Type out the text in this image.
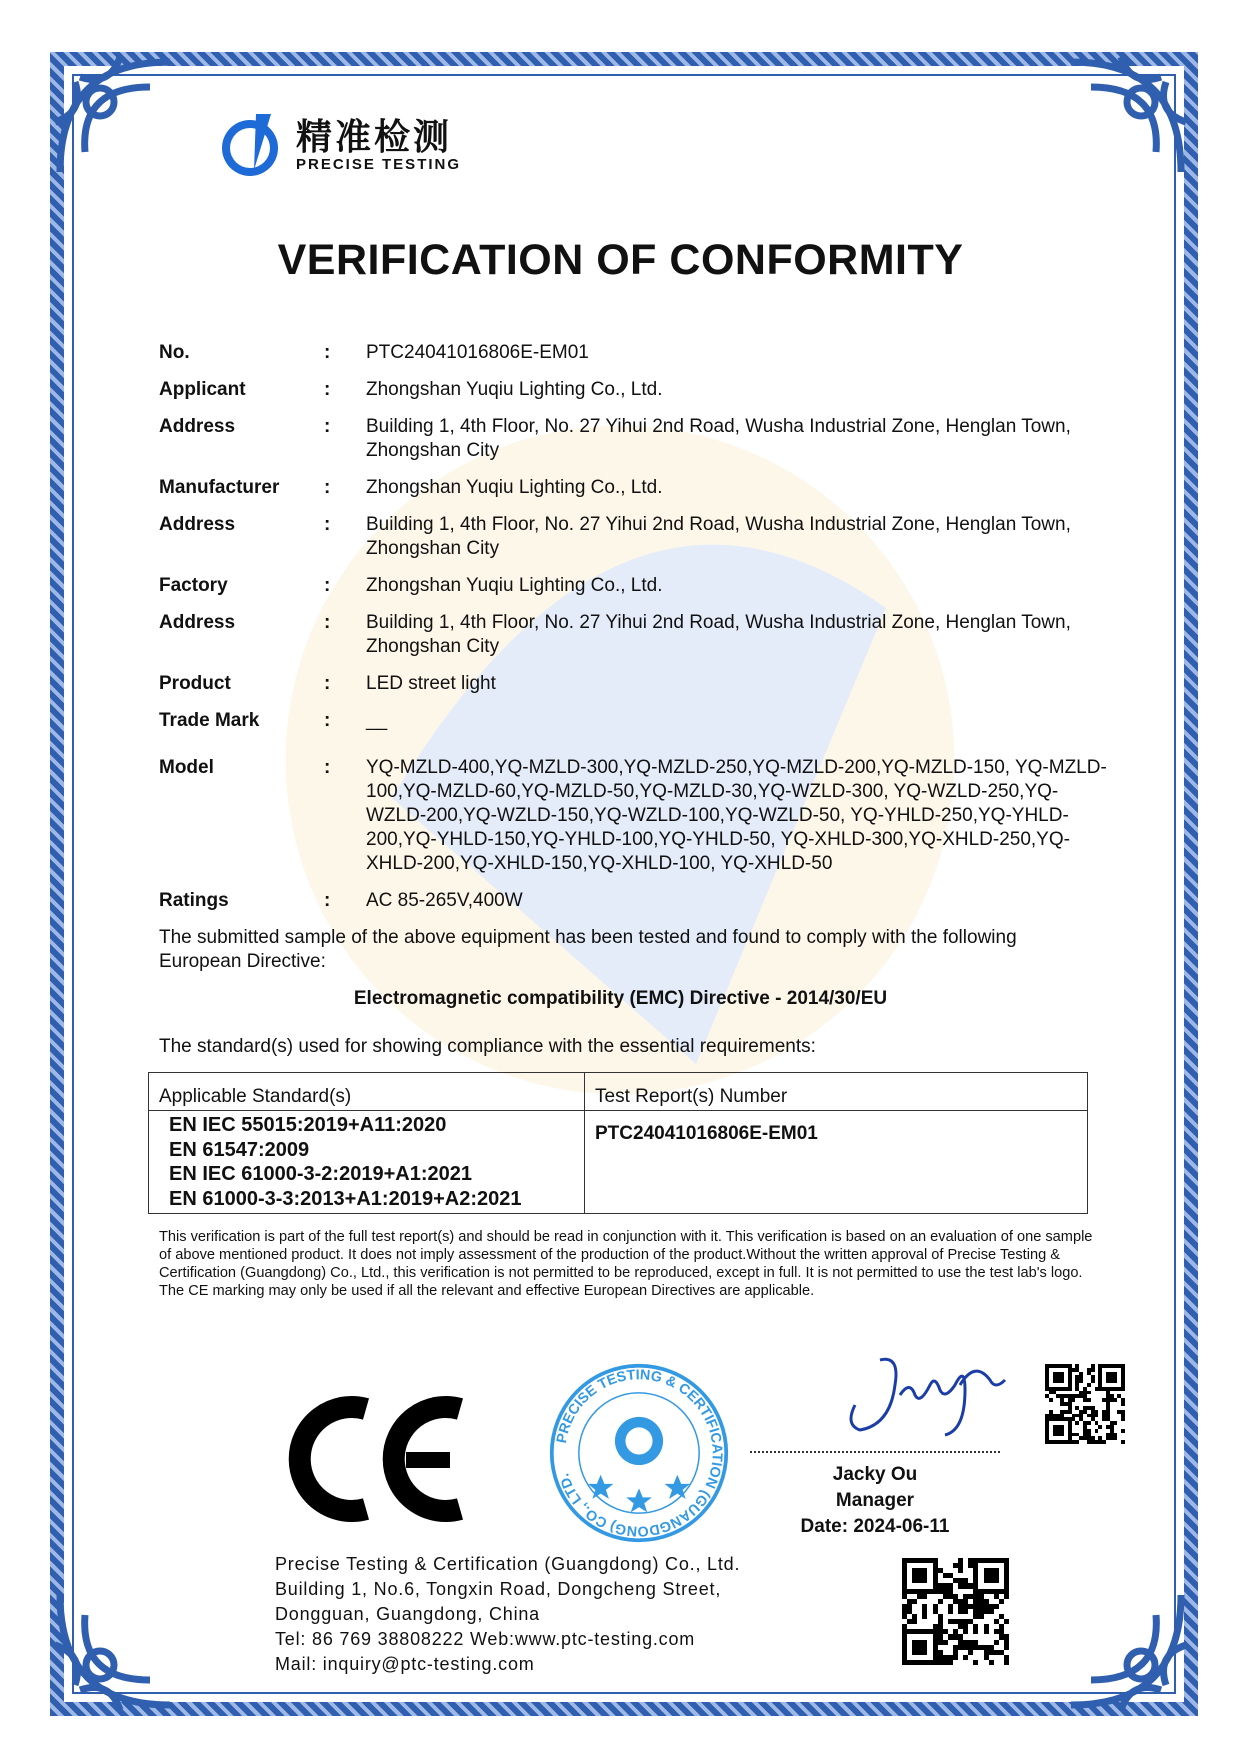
精准检测
PRECISE TESTING
VERIFICATION OF CONFORMITY
No.	:	PTC24041016806E-EM01
Applicant	:	Zhongshan Yuqiu Lighting Co., Ltd.
Address	:	Building 1, 4th Floor, No. 27 Yihui 2nd Road, Wusha Industrial Zone, Henglan Town, Zhongshan City
Manufacturer	:	Zhongshan Yuqiu Lighting Co., Ltd.
Address	:	Building 1, 4th Floor, No. 27 Yihui 2nd Road, Wusha Industrial Zone, Henglan Town, Zhongshan City
Factory	:	Zhongshan Yuqiu Lighting Co., Ltd.
Address	:	Building 1, 4th Floor, No. 27 Yihui 2nd Road, Wusha Industrial Zone, Henglan Town, Zhongshan City
Product	:	LED street light
Trade Mark	:	__
Model	:	YQ-MZLD-400,YQ-MZLD-300,YQ-MZLD-250,YQ-MZLD-200,YQ-MZLD-150, YQ-MZLD-100,YQ-MZLD-60,YQ-MZLD-50,YQ-MZLD-30,YQ-WZLD-300, YQ-WZLD-250,YQ-WZLD-200,YQ-WZLD-150,YQ-WZLD-100,YQ-WZLD-50, YQ-YHLD-250,YQ-YHLD-200,YQ-YHLD-150,YQ-YHLD-100,YQ-YHLD-50, YQ-XHLD-300,YQ-XHLD-250,YQ-XHLD-200,YQ-XHLD-150,YQ-XHLD-100, YQ-XHLD-50
Ratings	:	AC 85-265V,400W
The submitted sample of the above equipment has been tested and found to comply with the following European Directive:
Electromagnetic compatibility (EMC) Directive - 2014/30/EU
The standard(s) used for showing compliance with the essential requirements:
Applicable Standard(s)	Test Report(s) Number

EN IEC 55015:2019+A11:2020
EN 61547:2009
EN IEC 61000-3-2:2019+A1:2021
EN 61000-3-3:2013+A1:2019+A2:2021	PTC24041016806E-EM01
This verification is part of the full test report(s) and should be read in conjunction with it. This verification is based on an evaluation of one sample of above mentioned product. It does not imply assessment of the production of the product.Without the written approval of Precise Testing & Certification (Guangdong) Co., Ltd., this verification is not permitted to be reproduced, except in full. It is not permitted to use the test lab's logo. The CE marking may only be used if all the relevant and effective European Directives are applicable.
PRECISE TESTING & CERTIFICATION (GUANGDONG) CO., LTD.	Jacky Ou
Manager
Date: 2024-06-11
Precise Testing & Certification (Guangdong) Co., Ltd.
Building 1, No.6, Tongxin Road, Dongcheng Street,
Dongguan, Guangdong, China
Tel: 86 769 38808222 Web:www.ptc-testing.com
Mail: inquiry@ptc-testing.com
